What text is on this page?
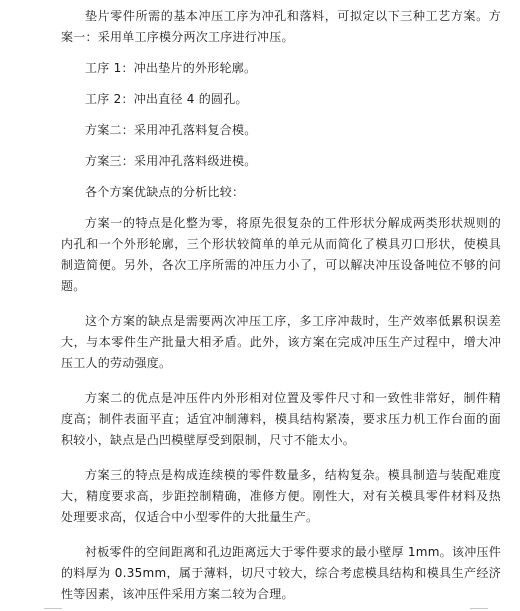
垫片零件所需的基本冲压工序为冲孔和落料，可拟定以下三种工艺方案。方案一：采用单工序模分两次工序进行冲压。

工序 1：冲出垫片的外形轮廓。

工序 2：冲出直径 4 的圆孔。

方案二：采用冲孔落料复合模。

方案三：采用冲孔落料级进模。

各个方案优缺点的分析比较：

方案一的特点是化整为零，将原先很复杂的工件形状分解成两类形状规则的内孔和一个外形轮廓，三个形状较简单的单元从而简化了模具刃口形状，使模具制造简便。另外，各次工序所需的冲压力小了，可以解决冲压设备吨位不够的问题。

这个方案的缺点是需要两次冲压工序，多工序冲裁时，生产效率低累积误差大，与本零件生产批量大相矛盾。此外，该方案在完成冲压生产过程中，增大冲压工人的劳动强度。

方案二的优点是冲压件内外形相对位置及零件尺寸和一致性非常好，制件精度高；制件表面平直；适宜冲制薄料，模具结构紧凑，要求压力机工作台面的面积较小，缺点是凸凹模壁厚受到限制，尺寸不能太小。

方案三的特点是构成连续模的零件数量多，结构复杂。模具制造与装配难度大，精度要求高，步距控制精确，准修方便。刚性大，对有关模具零件材料及热处理要求高，仅适合中小型零件的大批量生产。

衬板零件的空间距离和孔边距离远大于零件要求的最小壁厚 1mm。该冲压件的料厚为 0.35mm，属于薄料，切尺寸较大，综合考虑模具结构和模具生产经济性等因素，该冲压件采用方案二较为合理。
